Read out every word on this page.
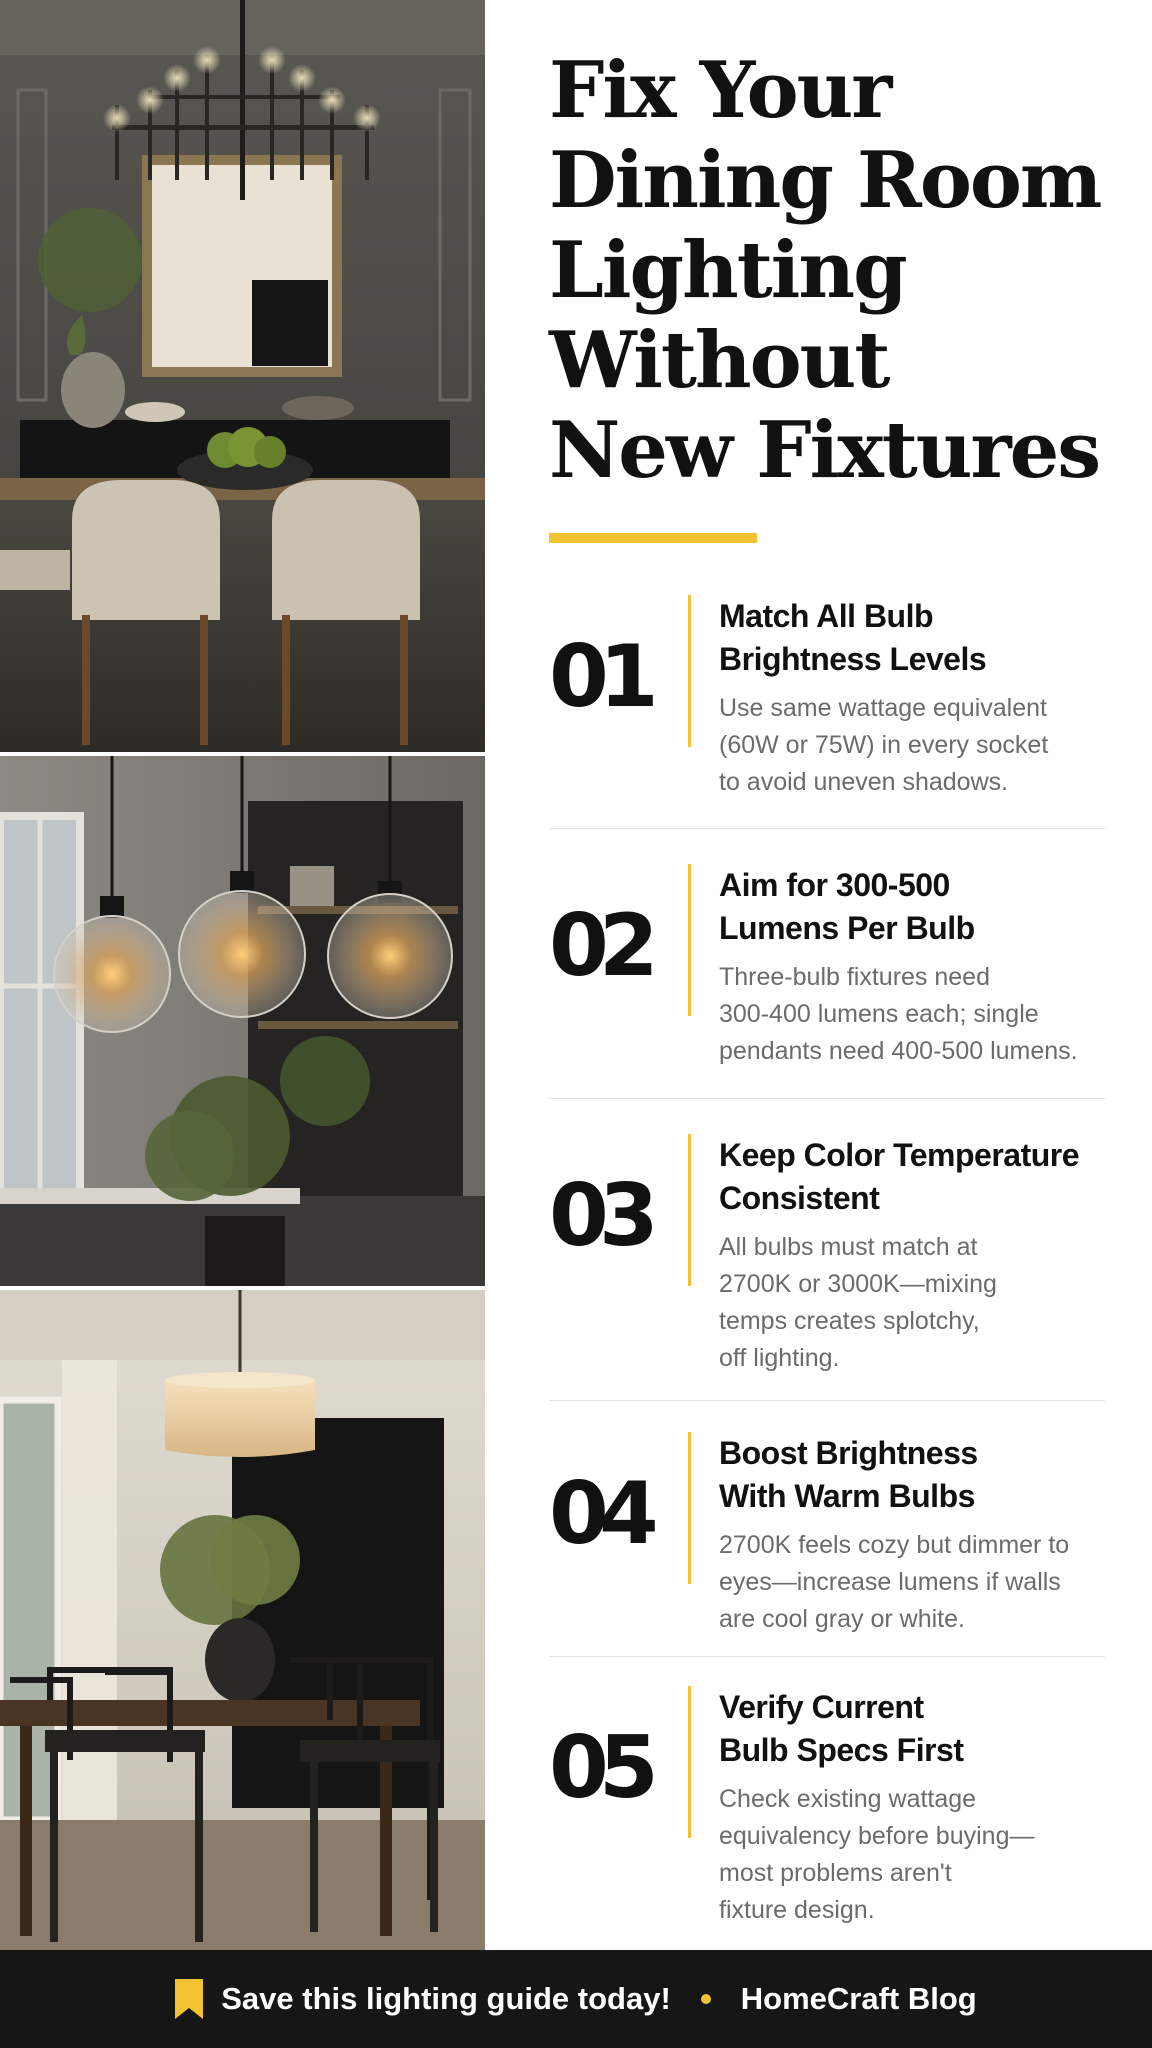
Fix Your
Dining Room
Lighting
Without
New Fixtures
01
Match All Bulb
Brightness Levels
Use same wattage equivalent
(60W or 75W) in every socket
to avoid uneven shadows.
02
Aim for 300-500
Lumens Per Bulb
Three-bulb fixtures need
300-400 lumens each; single
pendants need 400-500 lumens.
03
Keep Color Temperature
Consistent
All bulbs must match at
2700K or 3000K—mixing
temps creates splotchy,
off lighting.
04
Boost Brightness
With Warm Bulbs
2700K feels cozy but dimmer to
eyes—increase lumens if walls
are cool gray or white.
05
Verify Current
Bulb Specs First
Check existing wattage
equivalency before buying—
most problems aren't
fixture design.
Save this lighting guide today! HomeCraft Blog
